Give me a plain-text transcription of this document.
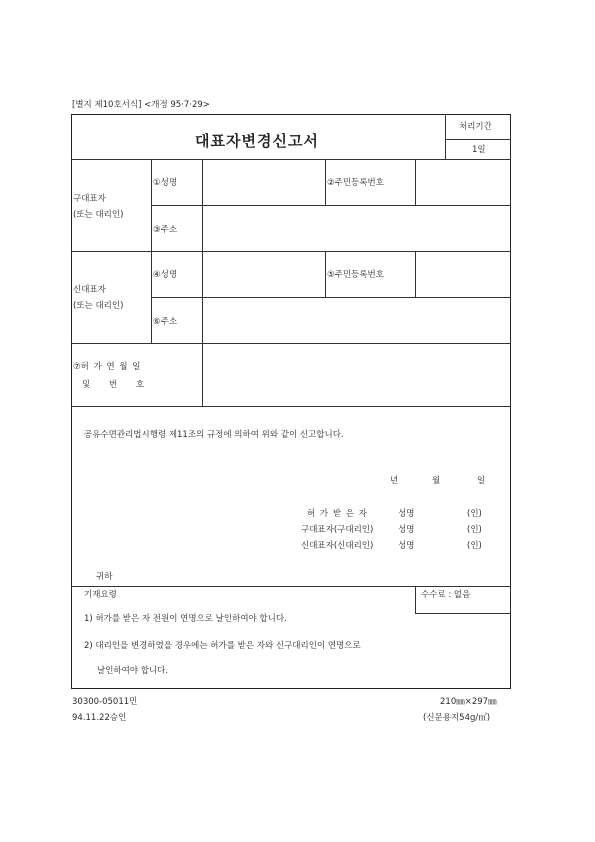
[별지 제10호서식] <개정 95·7·29>
대표자변경신고서
처리기간
1일
구대표자
(또는 대리인)
①성명	②주민등록번호
③주소
신대표자
(또는 대리인)
④성명	⑤주민등록번호
⑥주소
⑦허 가 연 월 일
및 번 호
공유수면관리법시행령 제11조의 규정에 의하여 위와 같이 신고합니다.
년	월	일
허 가 받 은 자	성명	(인)
구대표자(구대리인)	성명	(인)
신대표자(신대리인)	성명	(인)
귀하
기재요령	수수료 : 없음
1) 허가를 받은 자 전원이 연명으로 날인하여야 합니다.
2) 대리인을 변경하였을 경우에는 허가를 받은 자와 신구대리인이 연명으로
날인하여야 합니다.
30300-05011민
94.11.22승인
210㎜×297㎜
(신문용지54g/㎡)
